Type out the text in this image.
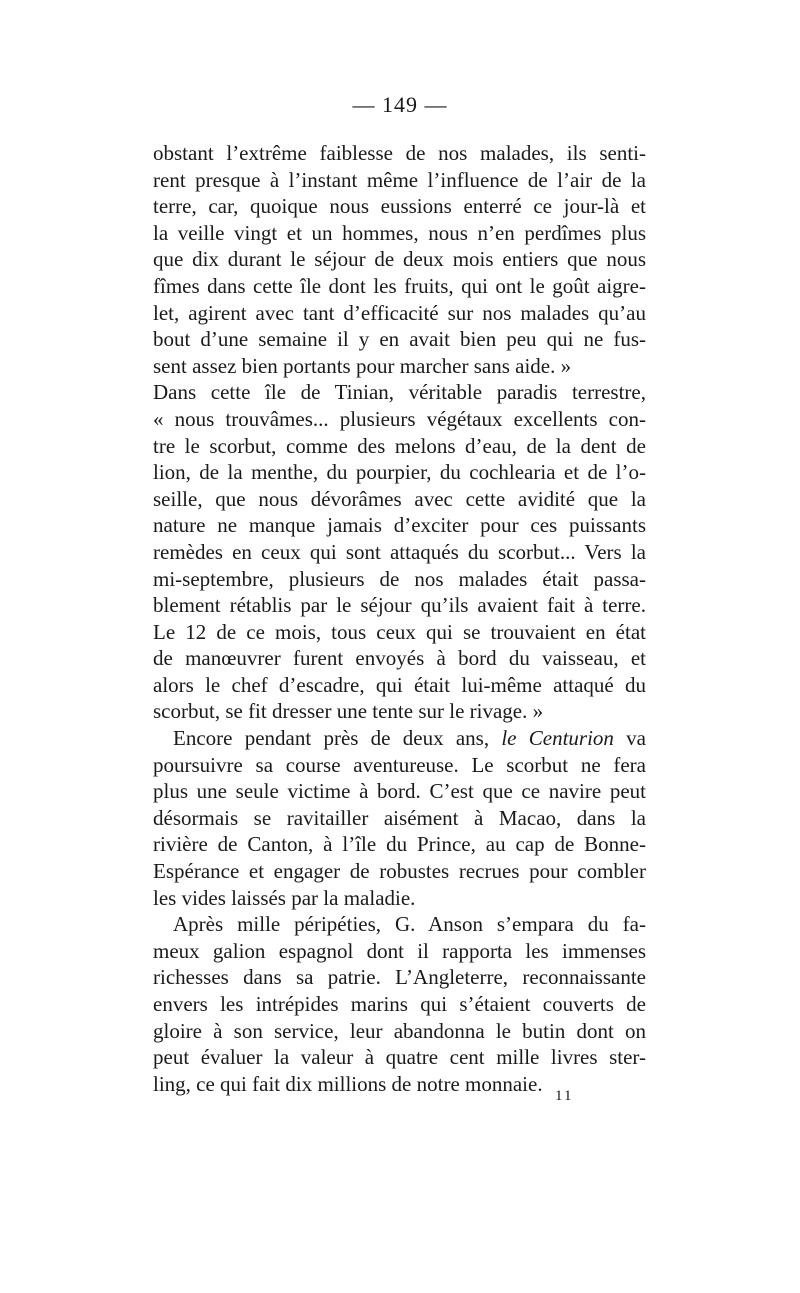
— 149 —
obstant l’extrême faiblesse de nos malades, ils senti-
rent presque à l’instant même l’influence de l’air de la
terre, car, quoique nous eussions enterré ce jour-là et
la veille vingt et un hommes, nous n’en perdîmes plus
que dix durant le séjour de deux mois entiers que nous
fîmes dans cette île dont les fruits, qui ont le goût aigre-
let, agirent avec tant d’efficacité sur nos malades qu’au
bout d’une semaine il y en avait bien peu qui ne fus-
sent assez bien portants pour marcher sans aide. »
Dans cette île de Tinian, véritable paradis terrestre,
« nous trouvâmes... plusieurs végétaux excellents con-
tre le scorbut, comme des melons d’eau, de la dent de
lion, de la menthe, du pourpier, du cochlearia et de l’o-
seille, que nous dévorâmes avec cette avidité que la
nature ne manque jamais d’exciter pour ces puissants
remèdes en ceux qui sont attaqués du scorbut... Vers la
mi-septembre, plusieurs de nos malades était passa-
blement rétablis par le séjour qu’ils avaient fait à terre.
Le 12 de ce mois, tous ceux qui se trouvaient en état
de manœuvrer furent envoyés à bord du vaisseau, et
alors le chef d’escadre, qui était lui-même attaqué du
scorbut, se fit dresser une tente sur le rivage. »
Encore pendant près de deux ans, le Centurion va
poursuivre sa course aventureuse. Le scorbut ne fera
plus une seule victime à bord. C’est que ce navire peut
désormais se ravitailler aisément à Macao, dans la
rivière de Canton, à l’île du Prince, au cap de Bonne-
Espérance et engager de robustes recrues pour combler
les vides laissés par la maladie.
Après mille péripéties, G. Anson s’empara du fa-
meux galion espagnol dont il rapporta les immenses
richesses dans sa patrie. L’Angleterre, reconnaissante
envers les intrépides marins qui s’étaient couverts de
gloire à son service, leur abandonna le butin dont on
peut évaluer la valeur à quatre cent mille livres ster-
ling, ce qui fait dix millions de notre monnaie.
11
